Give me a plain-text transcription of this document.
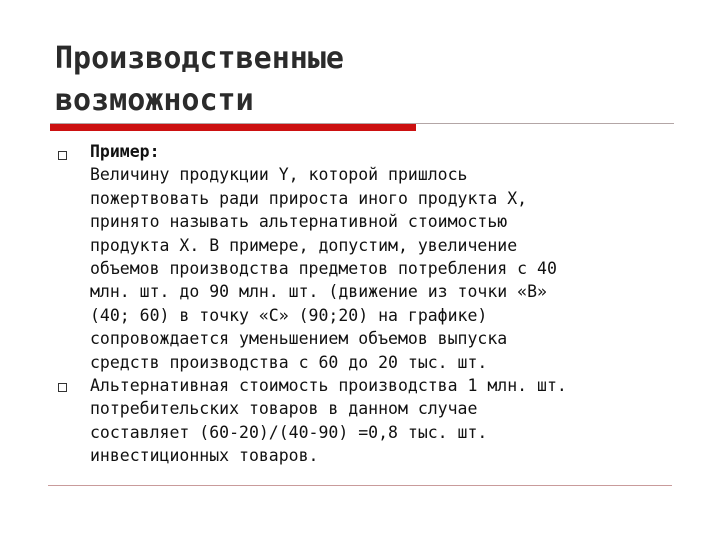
Производственные
возможности
Пример:
Величину продукции Y, которой пришлось
пожертвовать ради прироста иного продукта Х,
принято называть альтернативной стоимостью
продукта Х. В примере, допустим, увеличение
объемов производства предметов потребления с 40
млн. шт. до 90 млн. шт. (движение из точки «В»
(40; 60) в точку «С» (90;20) на графике)
сопровождается уменьшением объемов выпуска
средств производства с 60 до 20 тыс. шт.
Альтернативная стоимость производства 1 млн. шт.
потребительских товаров в данном случае
составляет (60-20)/(40-90) =0,8 тыс. шт.
инвестиционных товаров.
